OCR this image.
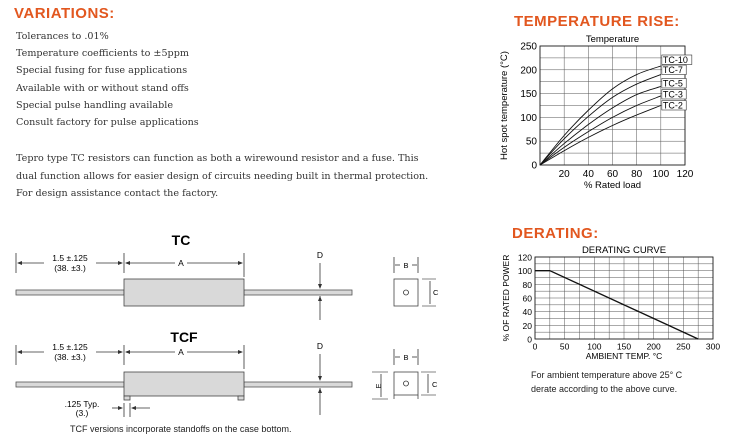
VARIATIONS:
Tolerances to .01%
Temperature coefficients to ±5ppm
Special fusing for fuse applications
Available with or without stand offs
Special pulse handling available
Consult factory for pulse applications
Tepro type TC resistors can function as both a wirewound resistor and a fuse. This
dual function allows for easier design of circuits needing built in thermal protection.
For design assistance contact the factory.
TC
1.5 ±.125
(38. ±3.)	A
D
B
C
TCF
1.5 ±.125
(38. ±3.)	A
D
.125 Typ.
(3.)
B
C
E
TCF versions incorporate standoffs on the case bottom.
TEMPERATURE RISE:
Temperature
0
50
100
150
200
250
20 40 60 80 100 120
% Rated load
Hot spot temperature (°C)	TC-10
TC-7
TC-5
TC-3
TC-2
DERATING:
DERATING CURVE
0
20
40
60
80
100
120
0	50 100 150 200 250 300
AMBIENT TEMP. °C
% OF RATED POWER
For ambient temperature above 25° C
derate according to the above curve.
